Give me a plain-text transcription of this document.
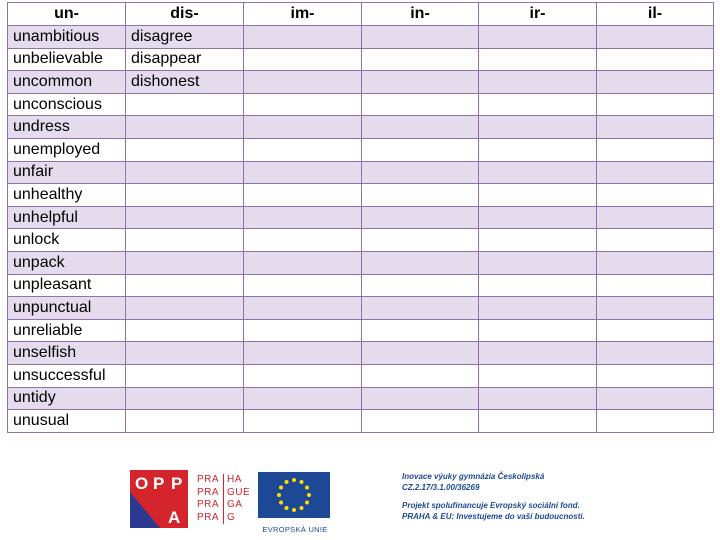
un-	dis-	im-	in-	ir-	il-
unambitious	disagree				
unbelievable	disappear				
uncommon	dishonest				
unconscious					
undress					
unemployed					
unfair					
unhealthy					
unhelpful					
unlock					
unpack					
unpleasant					
unpunctual					
unreliable					
unselfish					
unsuccessful					
untidy					
unusual					
O P P
A
PRA HA
PRA GUE
PRA GA
PRA G
EVROPSKÁ UNIE

Inovace výuky gymnázia Českolipská
CZ.2.17/3.1.00/36269

Projekt spolufinancuje Evropský sociální fond.
PRAHA & EU: Investujeme do vaší budoucnosti.
